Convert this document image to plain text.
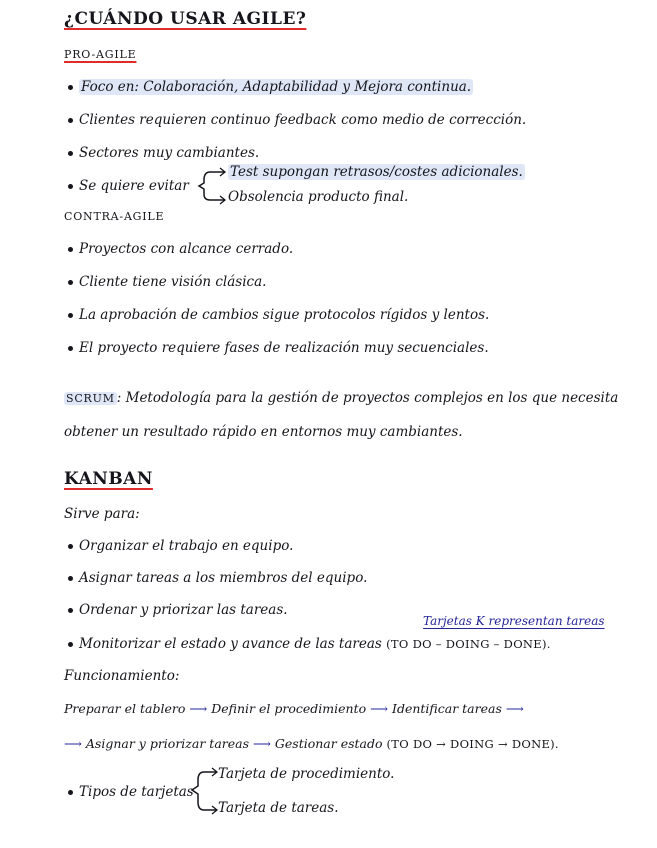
¿CUÁNDO USAR AGILE?
PRO-AGILE
Foco en: Colaboración, Adaptabilidad y Mejora continua.
Clientes requieren continuo feedback como medio de corrección.
Sectores muy cambiantes.
Se quiere evitar
Test supongan retrasos/costes adicionales.
Obsolencia producto final.
CONTRA-AGILE
Proyectos con alcance cerrado.
Cliente tiene visión clásica.
La aprobación de cambios sigue protocolos rígidos y lentos.
El proyecto requiere fases de realización muy secuenciales.
SCRUM : Metodología para la gestión de proyectos complejos en los que necesita
obtener un resultado rápido en entornos muy cambiantes.
KANBAN
Sirve para:
Organizar el trabajo en equipo.
Asignar tareas a los miembros del equipo.
Ordenar y priorizar las tareas.
Tarjetas K representan tareas
Monitorizar el estado y avance de las tareas (TO DO – DOING – DONE).
Funcionamiento:
Preparar el tablero ⟶ Definir el procedimiento ⟶ Identificar tareas ⟶
⟶ Asignar y priorizar tareas ⟶ Gestionar estado (TO DO → DOING → DONE).
Tipos de tarjetas
Tarjeta de procedimiento.
Tarjeta de tareas.
